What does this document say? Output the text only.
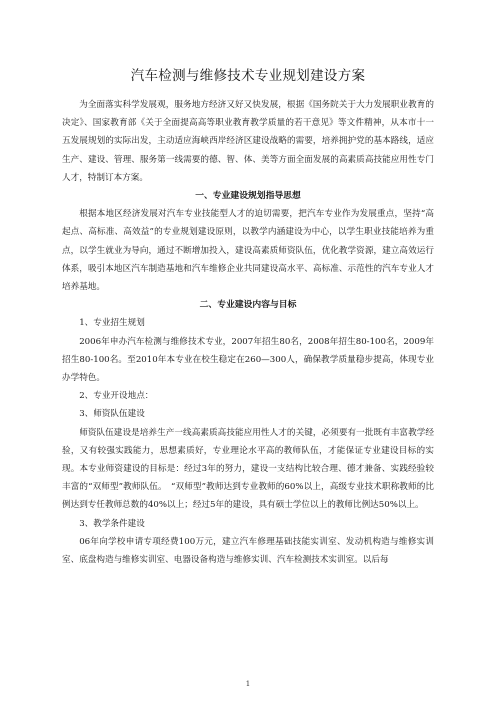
汽车检测与维修技术专业规划建设方案

为全面落实科学发展观，服务地方经济又好又快发展，根据《国务院关于大力发展职业教育的决定》、国家教育部《关于全面提高高等职业教育教学质量的若干意见》等文件精神，从本市十一五发展规划的实际出发，主动适应海峡西岸经济区建设战略的需要，培养拥护党的基本路线，适应生产、建设、管理、服务第一线需要的德、智、体、美等方面全面发展的高素质高技能应用性专门人才，特制订本方案。

一、专业建设规划指导思想

根据本地区经济发展对汽车专业技能型人才的迫切需要，把汽车专业作为发展重点，坚持“高起点、高标准、高效益”的专业规划建设原则，以教学内涵建设为中心，以学生职业技能培养为重点，以学生就业为导向，通过不断增加投入，建设高素质师资队伍，优化教学资源，建立高效运行体系，吸引本地区汽车制造基地和汽车维修企业共同建设高水平、高标准、示范性的汽车专业人才培养基地。

二、专业建设内容与目标

1、专业招生规划

2006年申办汽车检测与维修技术专业，2007年招生80名，2008年招生80-100名，2009年招生80-100名。至2010年本专业在校生稳定在260—300人，确保教学质量稳步提高，体现专业办学特色。

2、专业开设地点：

3、师资队伍建设

师资队伍建设是培养生产一线高素质高技能应用性人才的关键，必须要有一批既有丰富教学经验，又有较强实践能力，思想素质好，专业理论水平高的教师队伍，才能保证专业建设目标的实现。本专业师资建设的目标是：经过3年的努力，建设一支结构比较合理、德才兼备、实践经验较丰富的“双师型”教师队伍。　“双师型”教师达到专业教师的60%以上，高级专业技术职称教师的比例达到专任教师总数的40%以上；经过5年的建设，具有硕士学位以上的教师比例达50%以上。

3、教学条件建设

06年向学校申请专项经费100万元，建立汽车修理基础技能实训室、发动机构造与维修实训室、底盘构造与维修实训室、电器设备构造与维修实训、汽车检测技术实训室。以后每

1
